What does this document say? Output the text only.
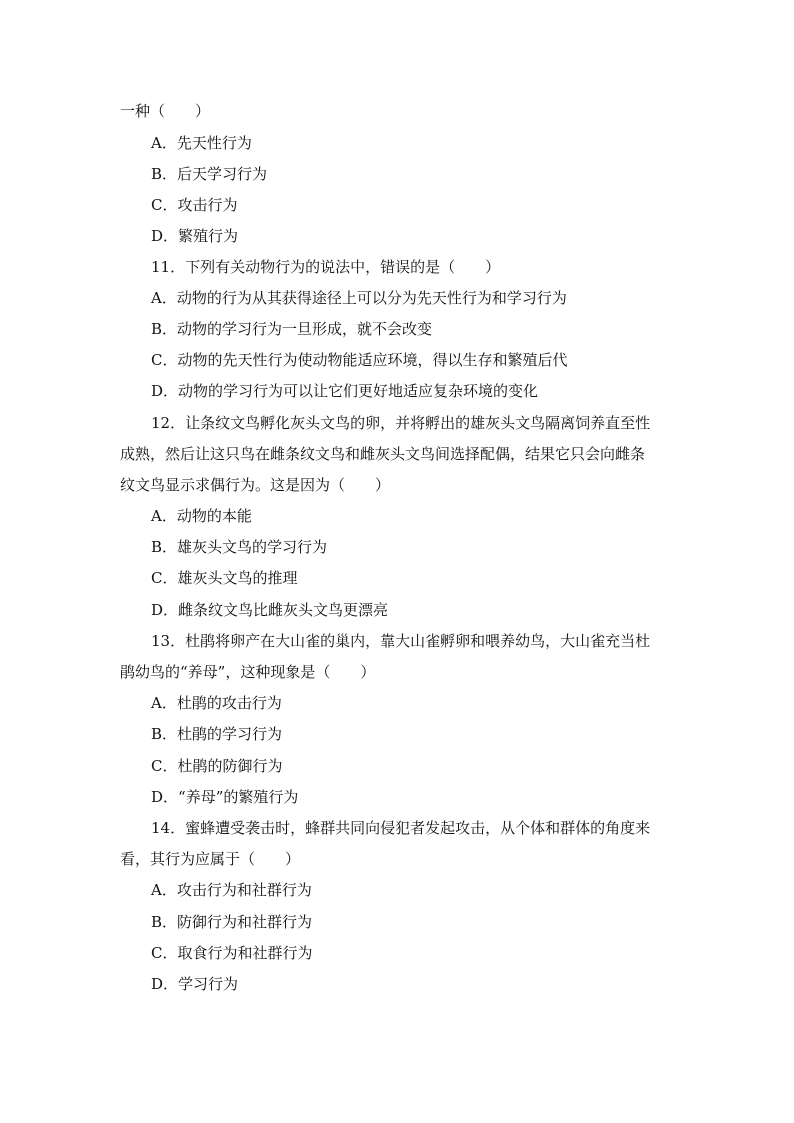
一种（　　）
A．先天性行为
B．后天学习行为
C．攻击行为
D．繁殖行为
11．下列有关动物行为的说法中，错误的是（　　）
A．动物的行为从其获得途径上可以分为先天性行为和学习行为
B．动物的学习行为一旦形成，就不会改变
C．动物的先天性行为使动物能适应环境，得以生存和繁殖后代
D．动物的学习行为可以让它们更好地适应复杂环境的变化
12．让条纹文鸟孵化灰头文鸟的卵，并将孵出的雄灰头文鸟隔离饲养直至性
成熟，然后让这只鸟在雌条纹文鸟和雌灰头文鸟间选择配偶，结果它只会向雌条
纹文鸟显示求偶行为。这是因为（　　）
A．动物的本能
B．雄灰头文鸟的学习行为
C．雄灰头文鸟的推理
D．雌条纹文鸟比雌灰头文鸟更漂亮
13．杜鹃将卵产在大山雀的巢内，靠大山雀孵卵和喂养幼鸟，大山雀充当杜
鹃幼鸟的“养母”，这种现象是（　　）
A．杜鹃的攻击行为
B．杜鹃的学习行为
C．杜鹃的防御行为
D．“养母”的繁殖行为
14．蜜蜂遭受袭击时，蜂群共同向侵犯者发起攻击，从个体和群体的角度来
看，其行为应属于（　　）
A．攻击行为和社群行为
B．防御行为和社群行为
C．取食行为和社群行为
D．学习行为
